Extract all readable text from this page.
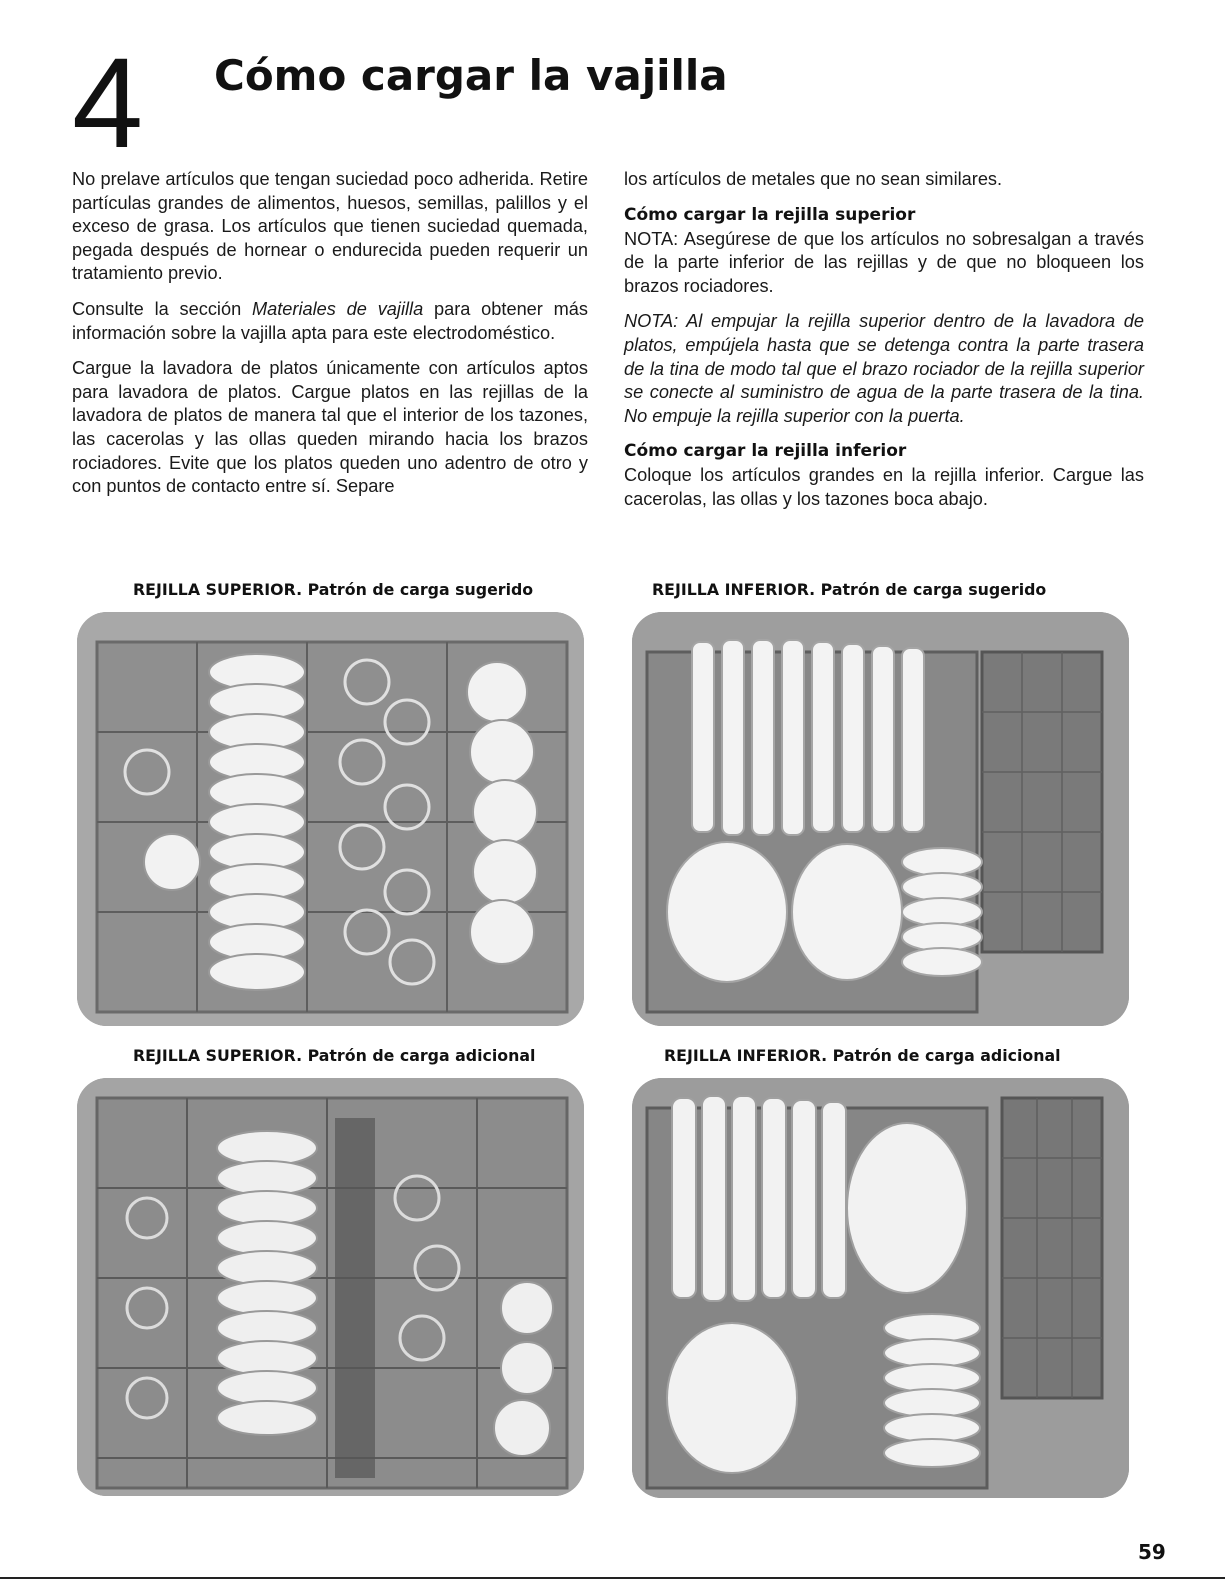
4 Cómo cargar la vajilla

No prelave artículos que tengan suciedad poco adherida. Retire partículas grandes de alimentos, huesos, semillas, palillos y el exceso de grasa. Los artículos que tienen suciedad quemada, pegada después de hornear o endurecida pueden requerir un tratamiento previo.

Consulte la sección Materiales de vajilla para obtener más información sobre la vajilla apta para este electrodoméstico.

Cargue la lavadora de platos únicamente con artículos aptos para lavadora de platos. Cargue platos en las rejillas de la lavadora de platos de manera tal que el interior de los tazones, las cacerolas y las ollas queden mirando hacia los brazos rociadores. Evite que los platos queden uno adentro de otro y con puntos de contacto entre sí. Separe

los artículos de metales que no sean similares.

Cómo cargar la rejilla superior

NOTA: Asegúrese de que los artículos no sobresalgan a través de la parte inferior de las rejillas y de que no bloqueen los brazos rociadores.

NOTA: Al empujar la rejilla superior dentro de la lavadora de platos, empújela hasta que se detenga contra la parte trasera de la tina de modo tal que el brazo rociador de la rejilla superior se conecte al suministro de agua de la parte trasera de la tina. No empuje la rejilla superior con la puerta.

Cómo cargar la rejilla inferior

Coloque los artículos grandes en la rejilla inferior. Cargue las cacerolas, las ollas y los tazones boca abajo.

REJILLA SUPERIOR. Patrón de carga sugerido	REJILLA INFERIOR. Patrón de carga sugerido
REJILLA SUPERIOR. Patrón de carga adicional	REJILLA INFERIOR. Patrón de carga adicional
59
